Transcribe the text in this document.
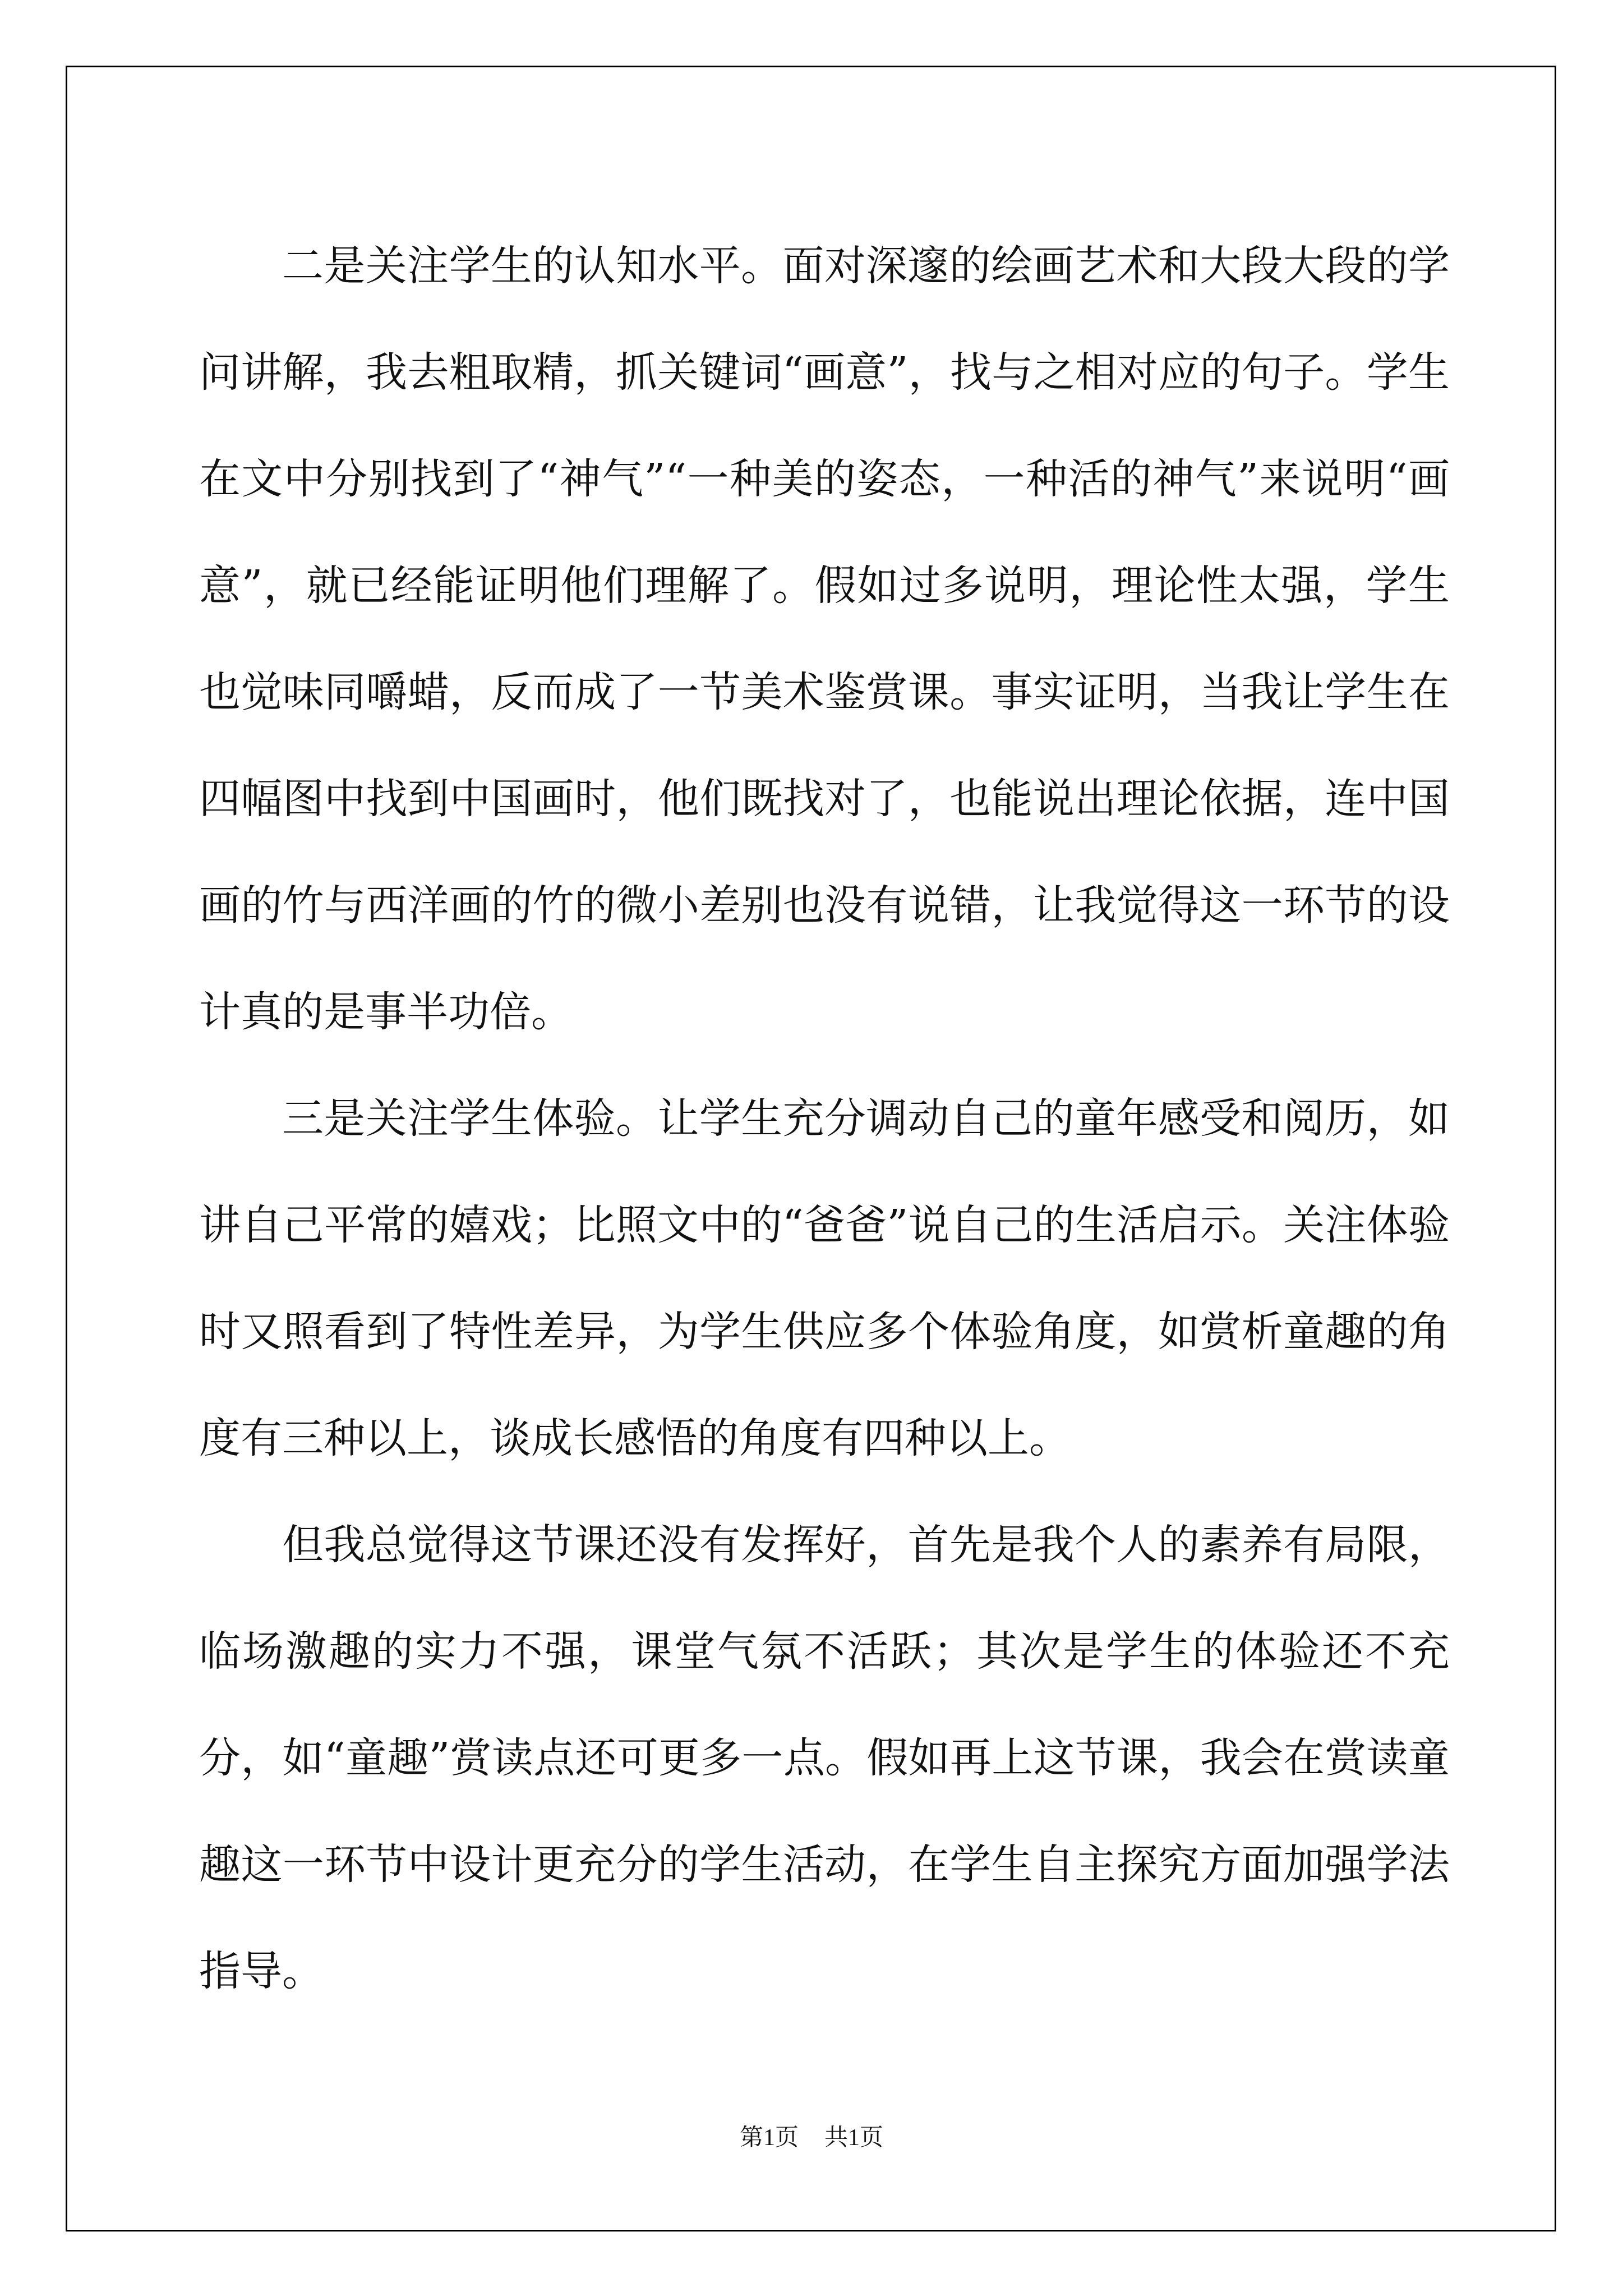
二是关注学生的认知水平。面对深邃的绘画艺术和大段大段的学问讲解，我去粗取精，抓关键词“画意”，找与之相对应的句子。学生在文中分别找到了“神气”“一种美的姿态，一种活的神气”来说明“画意”，就已经能证明他们理解了。假如过多说明，理论性太强，学生也觉味同嚼蜡，反而成了一节美术鉴赏课。事实证明，当我让学生在四幅图中找到中国画时，他们既找对了，也能说出理论依据，连中国画的竹与西洋画的竹的微小差别也没有说错，让我觉得这一环节的设计真的是事半功倍。

三是关注学生体验。让学生充分调动自己的童年感受和阅历，如讲自己平常的嬉戏；比照文中的“爸爸”说自己的生活启示。关注体验时又照看到了特性差异，为学生供应多个体验角度，如赏析童趣的角度有三种以上，谈成长感悟的角度有四种以上。

但我总觉得这节课还没有发挥好，首先是我个人的素养有局限，临场激趣的实力不强，课堂气氛不活跃；其次是学生的体验还不充分，如“童趣”赏读点还可更多一点。假如再上这节课，我会在赏读童趣这一环节中设计更充分的学生活动，在学生自主探究方面加强学法指导。

第1页 共1页
